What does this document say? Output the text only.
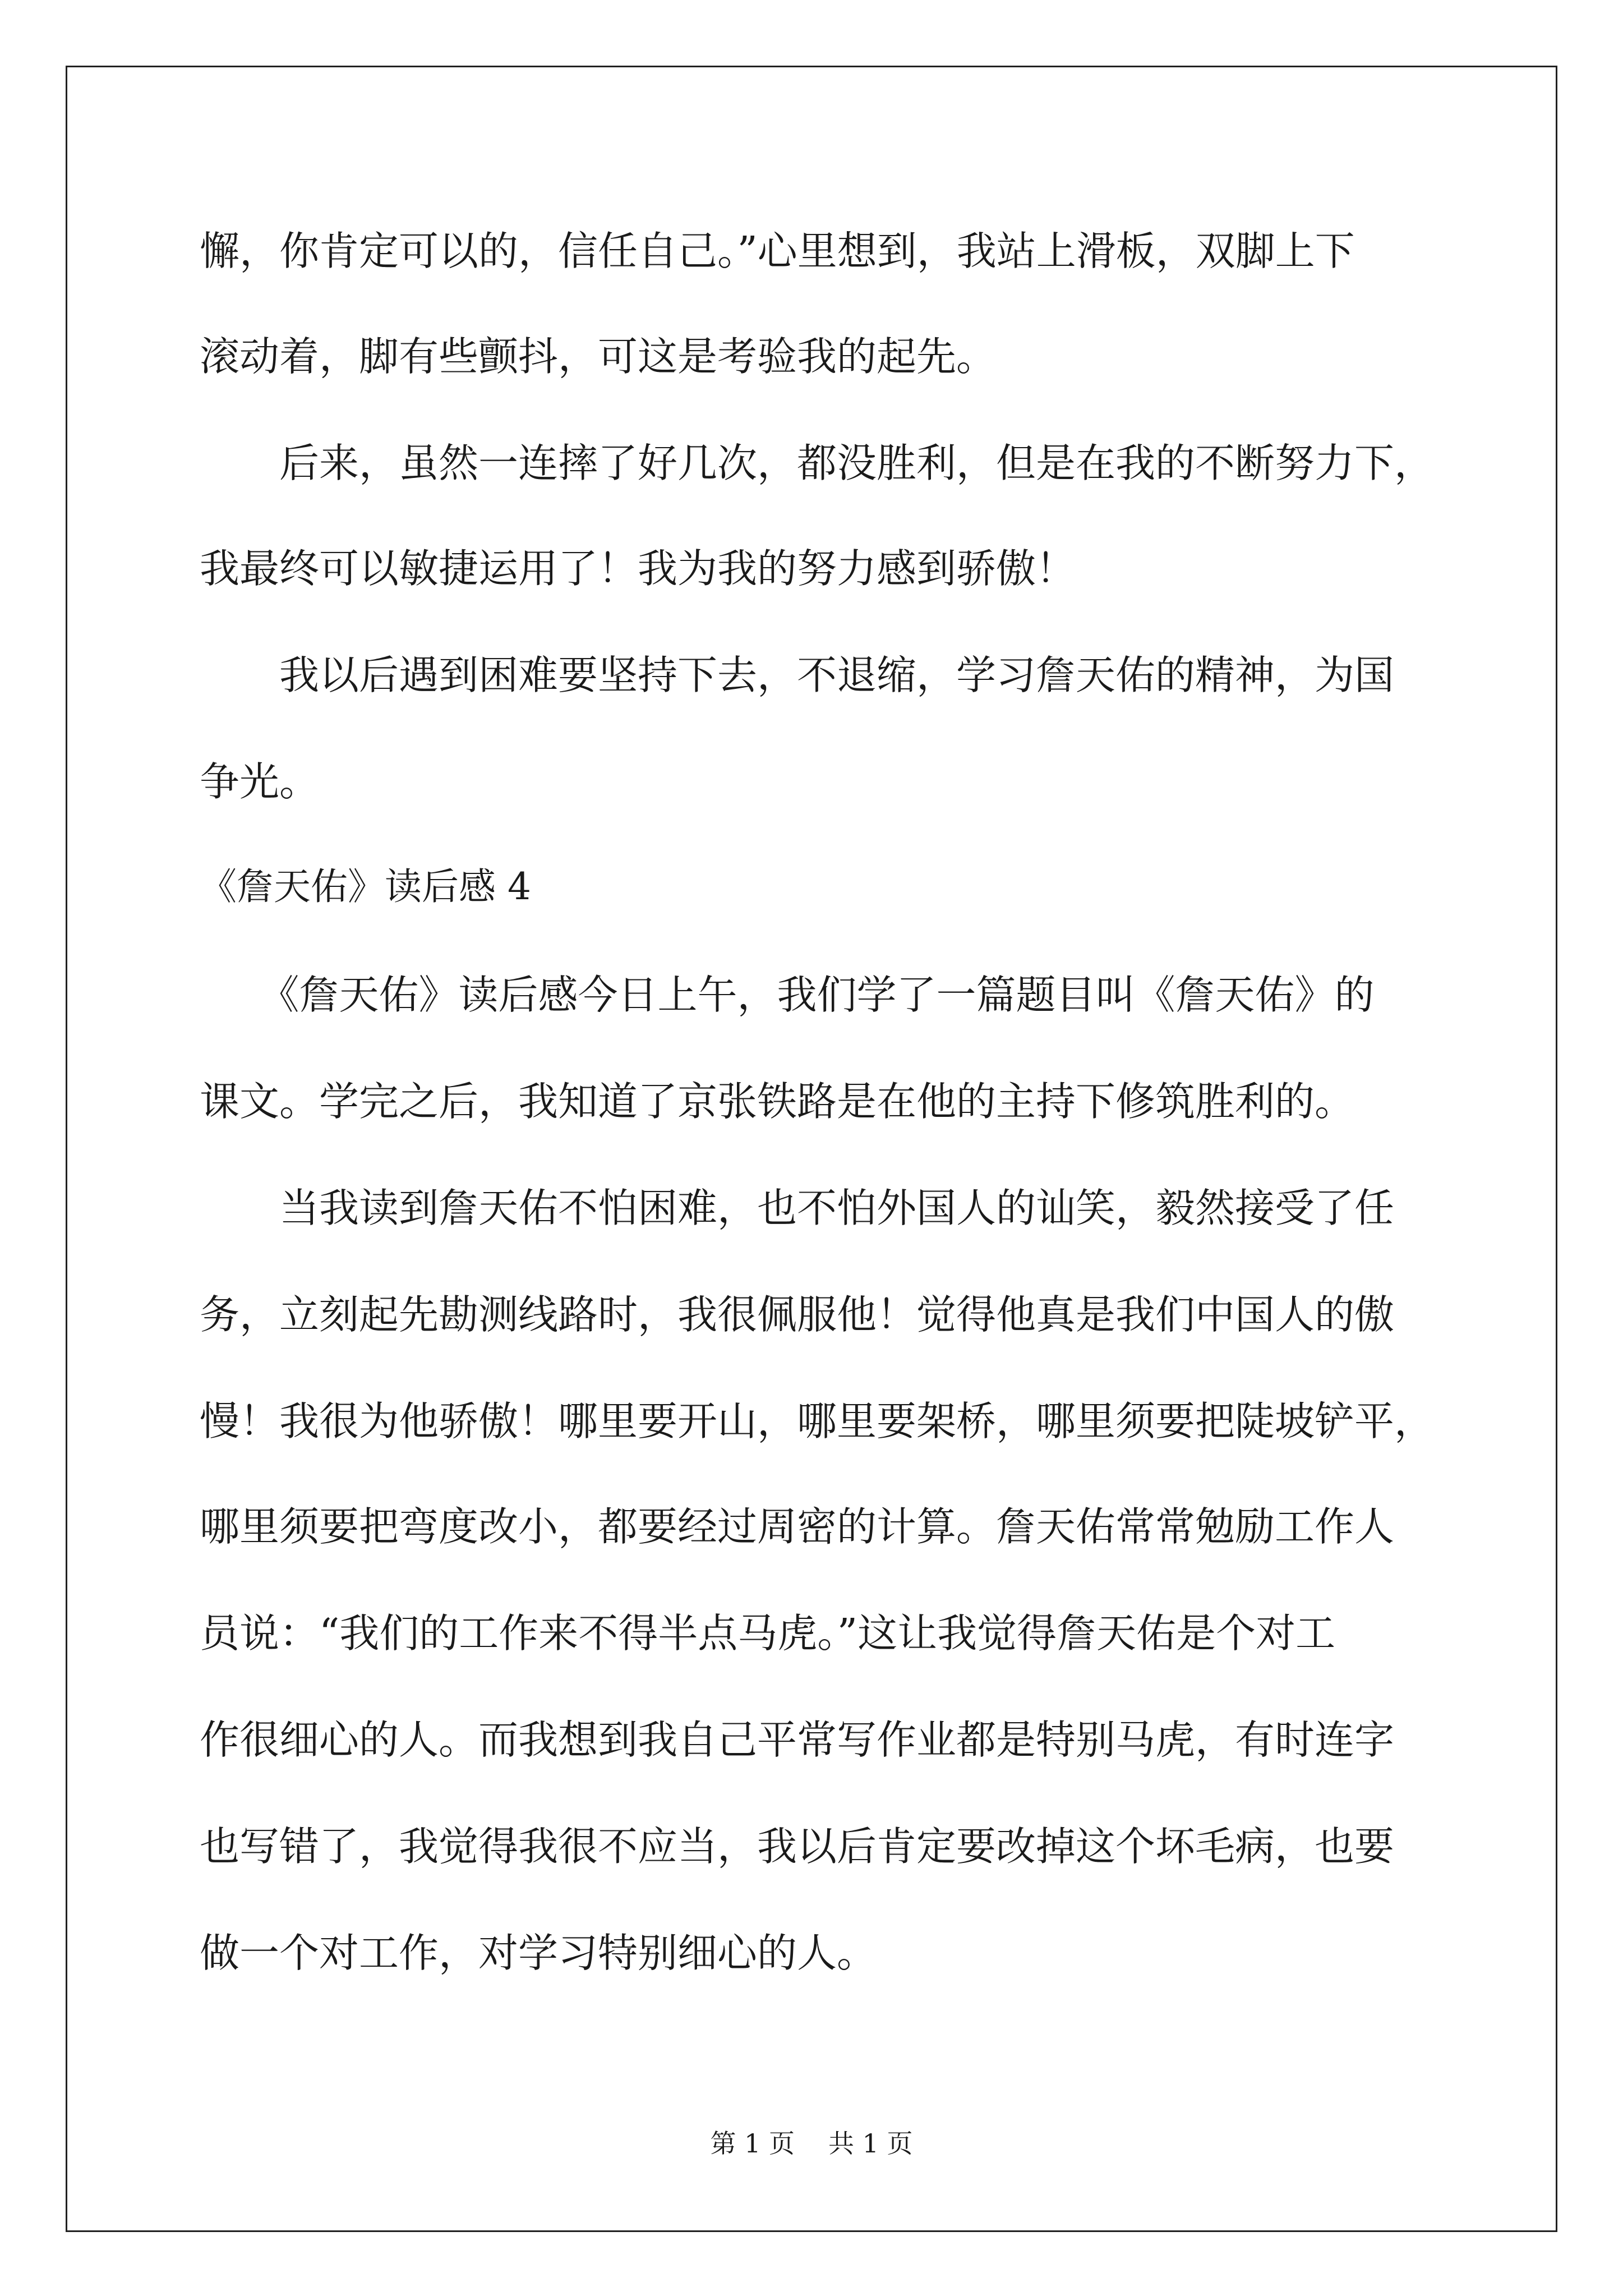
懈，你肯定可以的，信任自己。”心里想到，我站上滑板，双脚上下
滚动着，脚有些颤抖，可这是考验我的起先。
　　后来，虽然一连摔了好几次，都没胜利，但是在我的不断努力下，
我最终可以敏捷运用了！我为我的努力感到骄傲！
　　我以后遇到困难要坚持下去，不退缩，学习詹天佑的精神，为国
争光。
《詹天佑》读后感 4
　　《詹天佑》读后感今日上午，我们学了一篇题目叫《詹天佑》的
课文。学完之后，我知道了京张铁路是在他的主持下修筑胜利的。
　　当我读到詹天佑不怕困难，也不怕外国人的讪笑，毅然接受了任
务，立刻起先勘测线路时，我很佩服他！觉得他真是我们中国人的傲
慢！我很为他骄傲！哪里要开山，哪里要架桥，哪里须要把陡坡铲平，
哪里须要把弯度改小，都要经过周密的计算。詹天佑常常勉励工作人
员说：“我们的工作来不得半点马虎。”这让我觉得詹天佑是个对工
作很细心的人。而我想到我自己平常写作业都是特别马虎，有时连字
也写错了，我觉得我很不应当，我以后肯定要改掉这个坏毛病，也要
做一个对工作，对学习特别细心的人。
第 1 页 共 1 页
